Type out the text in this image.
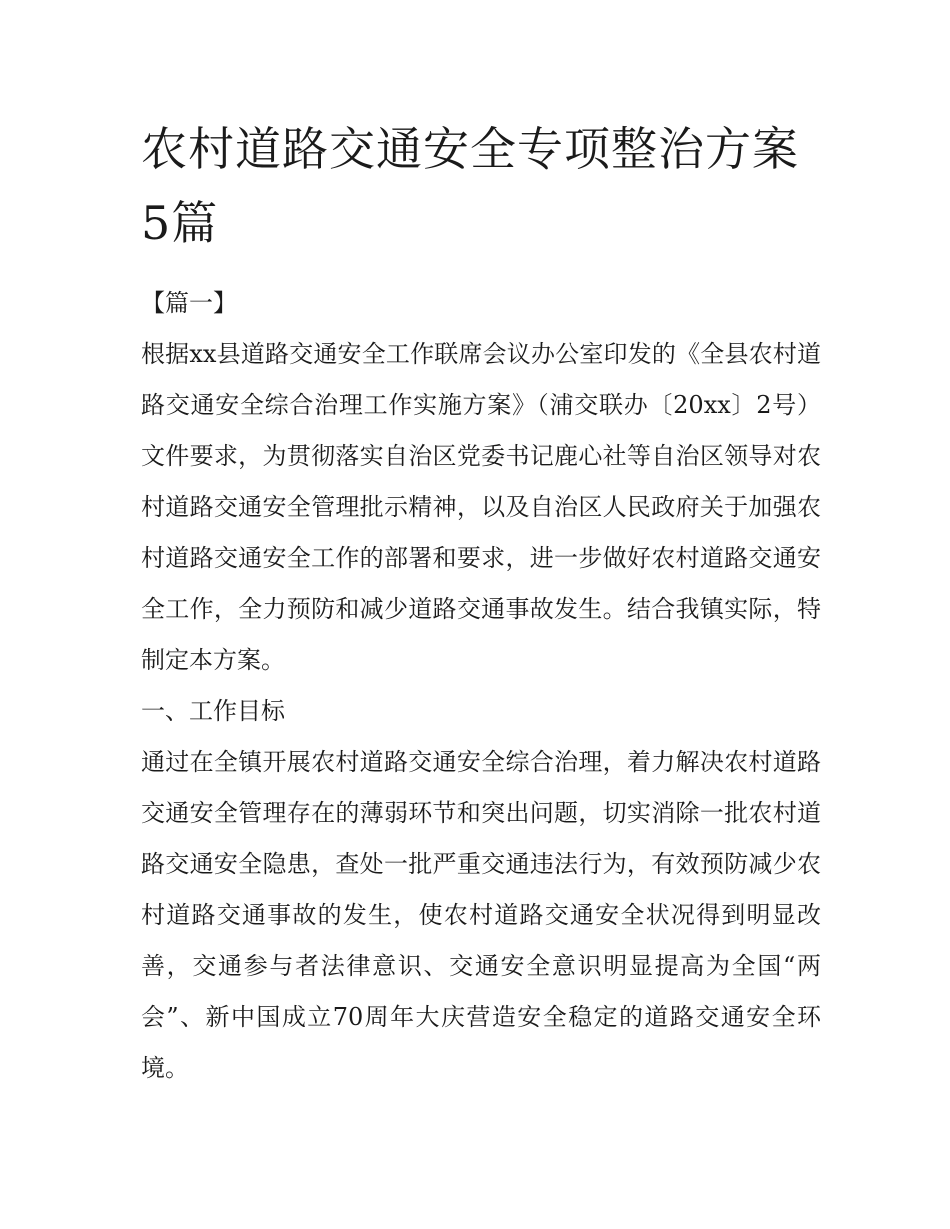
农村道路交通安全专项整治方案5篇

【篇一】

根据xx县道路交通安全工作联席会议办公室印发的《全县农村道路交通安全综合治理工作实施方案》（浦交联办〔20xx〕2号）文件要求，为贯彻落实自治区党委书记鹿心社等自治区领导对农村道路交通安全管理批示精神，以及自治区人民政府关于加强农村道路交通安全工作的部署和要求，进一步做好农村道路交通安全工作，全力预防和减少道路交通事故发生。结合我镇实际，特制定本方案。

一、工作目标

通过在全镇开展农村道路交通安全综合治理，着力解决农村道路交通安全管理存在的薄弱环节和突出问题，切实消除一批农村道路交通安全隐患，查处一批严重交通违法行为，有效预防减少农村道路交通事故的发生，使农村道路交通安全状况得到明显改善，交通参与者法律意识、交通安全意识明显提高为全国“两会”、新中国成立70周年大庆营造安全稳定的道路交通安全环境。
